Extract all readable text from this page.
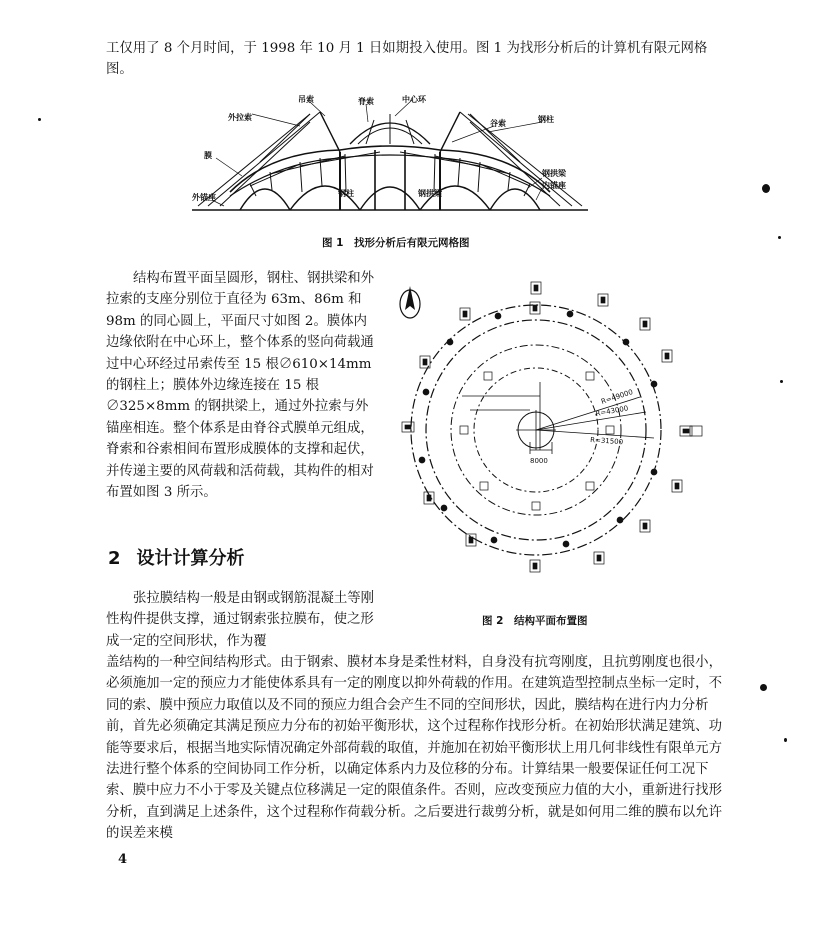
工仅用了 8 个月时间，于 1998 年 10 月 1 日如期投入使用。图 1 为找形分析后的计算机有限元网格图。

外拉索
吊索	脊索	中心环
谷索	钢柱
膜
钢柱	钢拱梁
外锚座
钢拱梁
内锚座
图 1　找形分析后有限元网格图

结构布置平面呈圆形，钢柱、钢拱梁和外拉索的支座分别位于直径为 63m、86m 和 98m 的同心圆上，平面尺寸如图 2。膜体内边缘依附在中心环上，整个体系的竖向荷载通过中心环经过吊索传至 15 根∅610×14mm 的钢柱上；膜体外边缘连接在 15 根∅325×8mm 的钢拱梁上，通过外拉索与外锚座相连。整个体系是由脊谷式膜单元组成，脊索和谷索相间布置形成膜体的支撑和起伏，并传递主要的风荷载和活荷载，其构件的相对布置如图 3 所示。

R=49000
R=43000
R=31500
8000
图 2　结构平面布置图
2 设计计算分析

张拉膜结构一般是由钢或钢筋混凝土等刚性构件提供支撑，通过钢索张拉膜布，使之形成一定的空间形状，作为覆

盖结构的一种空间结构形式。由于钢索、膜材本身是柔性材料，自身没有抗弯刚度，且抗剪刚度也很小，必须施加一定的预应力才能使体系具有一定的刚度以抑外荷载的作用。在建筑造型控制点坐标一定时，不同的索、膜中预应力取值以及不同的预应力组合会产生不同的空间形状，因此，膜结构在进行内力分析前，首先必须确定其满足预应力分布的初始平衡形状，这个过程称作找形分析。在初始形状满足建筑、功能等要求后，根据当地实际情况确定外部荷载的取值，并施加在初始平衡形状上用几何非线性有限单元方法进行整个体系的空间协同工作分析，以确定体系内力及位移的分布。计算结果一般要保证任何工况下索、膜中应力不小于零及关键点位移满足一定的限值条件。否则，应改变预应力值的大小，重新进行找形分析，直到满足上述条件，这个过程称作荷载分析。之后要进行裁剪分析，就是如何用二维的膜布以允许的误差来模

4
